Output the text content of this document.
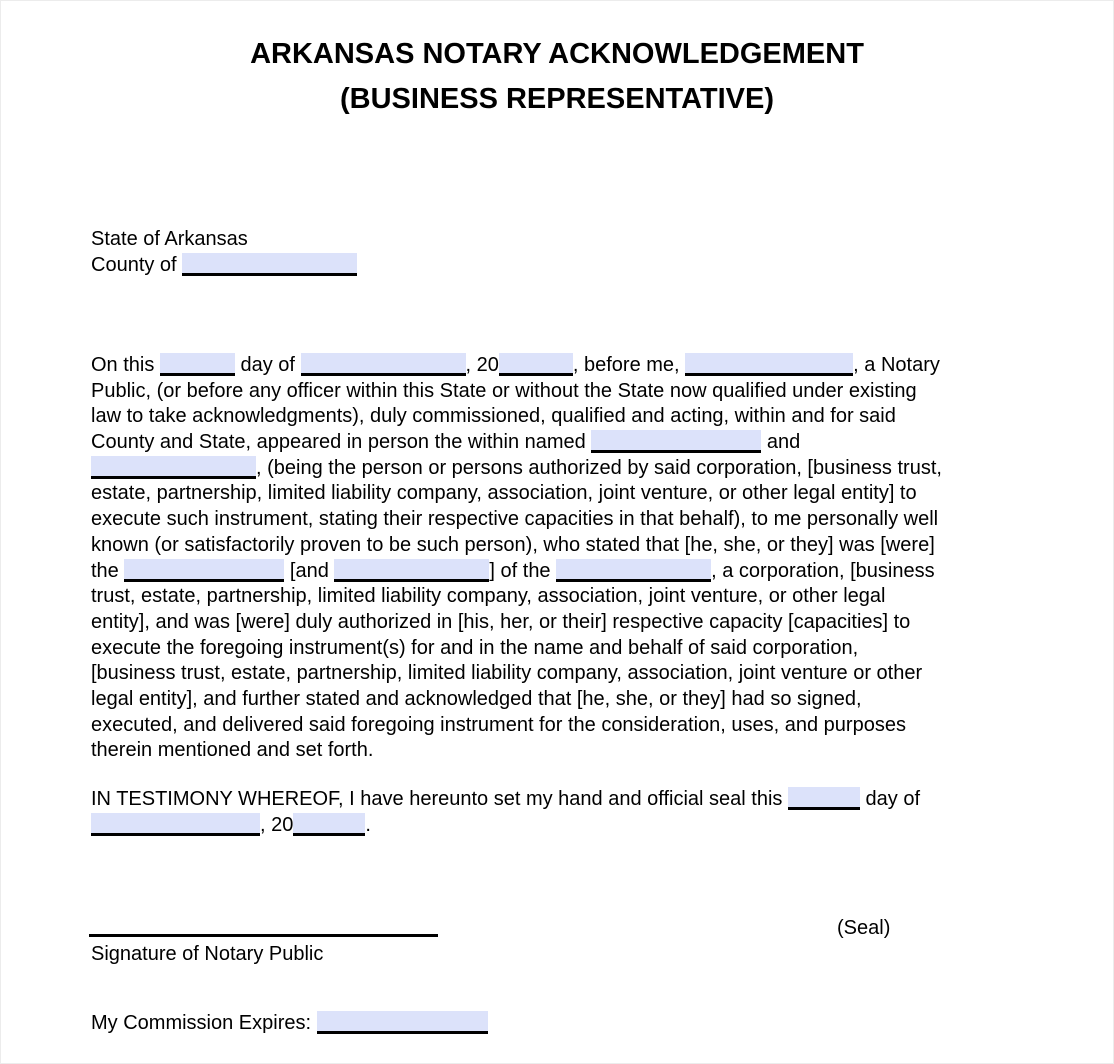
ARKANSAS NOTARY ACKNOWLEDGEMENT
(BUSINESS REPRESENTATIVE)
State of Arkansas
County of
On this	day of	, 20	, before me,	, a Notary
Public, (or before any officer within this State or without the State now qualified under existing
law to take acknowledgments), duly commissioned, qualified and acting, within and for said
County and State, appeared in person the within named	and
, (being the person or persons authorized by said corporation, [business trust,
estate, partnership, limited liability company, association, joint venture, or other legal entity] to
execute such instrument, stating their respective capacities in that behalf), to me personally well
known (or satisfactorily proven to be such person), who stated that [he, she, or they] was [were]
the	[and	] of the	, a corporation, [business
trust, estate, partnership, limited liability company, association, joint venture, or other legal
entity], and was [were] duly authorized in [his, her, or their] respective capacity [capacities] to
execute the foregoing instrument(s) for and in the name and behalf of said corporation,
[business trust, estate, partnership, limited liability company, association, joint venture or other
legal entity], and further stated and acknowledged that [he, she, or they] had so signed,
executed, and delivered said foregoing instrument for the consideration, uses, and purposes
therein mentioned and set forth.
IN TESTIMONY WHEREOF, I have hereunto set my hand and official seal this	day of
, 20	.
(Seal)
Signature of Notary Public
My Commission Expires:
